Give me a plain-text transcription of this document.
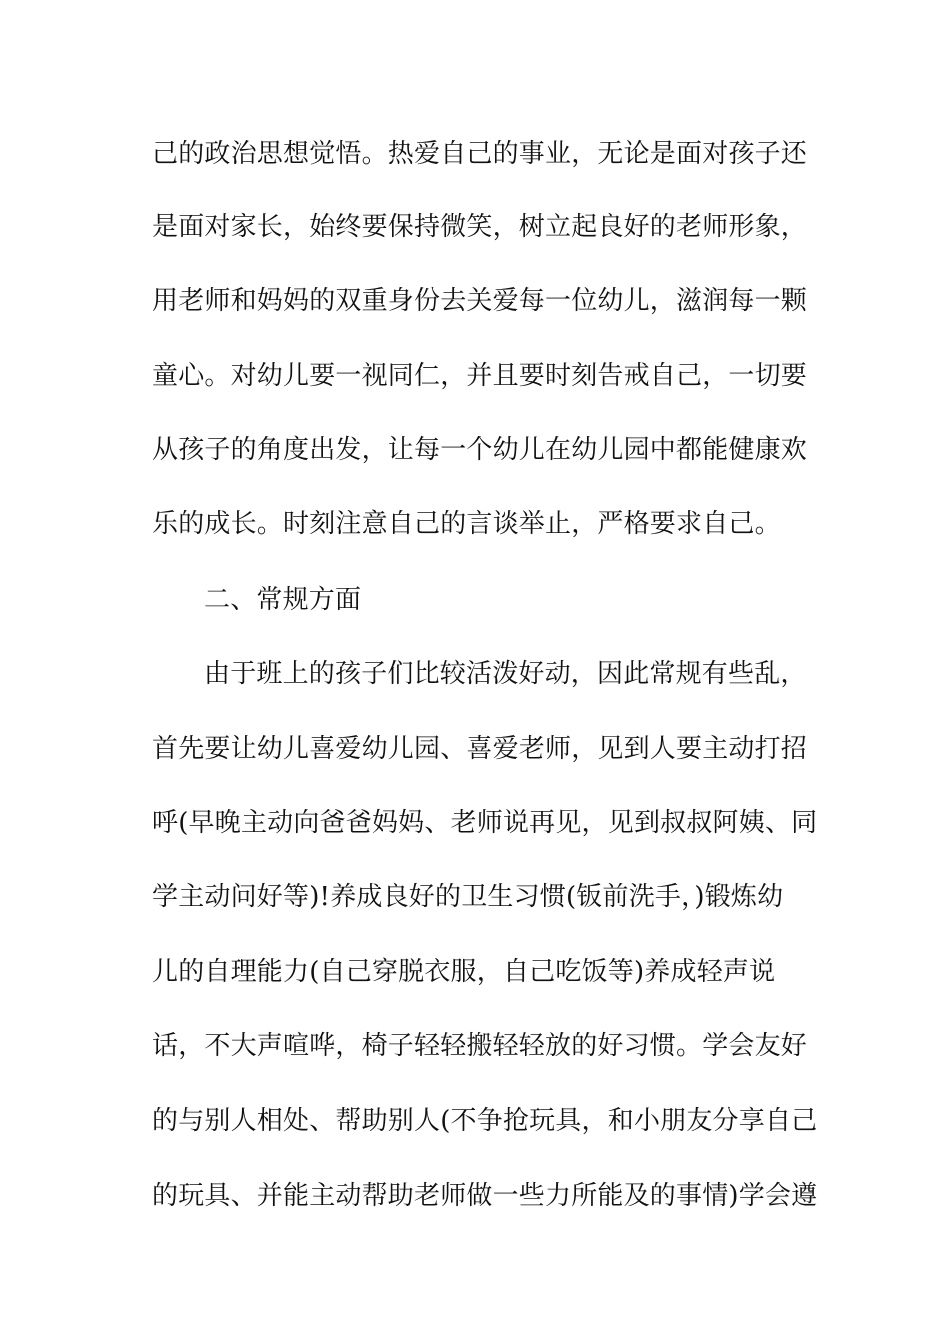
己的政治思想觉悟。热爱自己的事业，无论是面对孩子还
是面对家长，始终要保持微笑，树立起良好的老师形象，
用老师和妈妈的双重身份去关爱每一位幼儿，滋润每一颗
童心。对幼儿要一视同仁，并且要时刻告戒自己，一切要
从孩子的角度出发，让每一个幼儿在幼儿园中都能健康欢
乐的成长。时刻注意自己的言谈举止，严格要求自己。
二、常规方面
由于班上的孩子们比较活泼好动，因此常规有些乱，
首先要让幼儿喜爱幼儿园、喜爱老师，见到人要主动打招
呼(早晚主动向爸爸妈妈、老师说再见，见到叔叔阿姨、同
学主动问好等)!养成良好的卫生习惯(钣前洗手，)锻炼幼
儿的自理能力(自己穿脱衣服，自己吃饭等)养成轻声说
话，不大声喧哗，椅子轻轻搬轻轻放的好习惯。学会友好
的与别人相处、帮助别人(不争抢玩具，和小朋友分享自己
的玩具、并能主动帮助老师做一些力所能及的事情)学会遵
